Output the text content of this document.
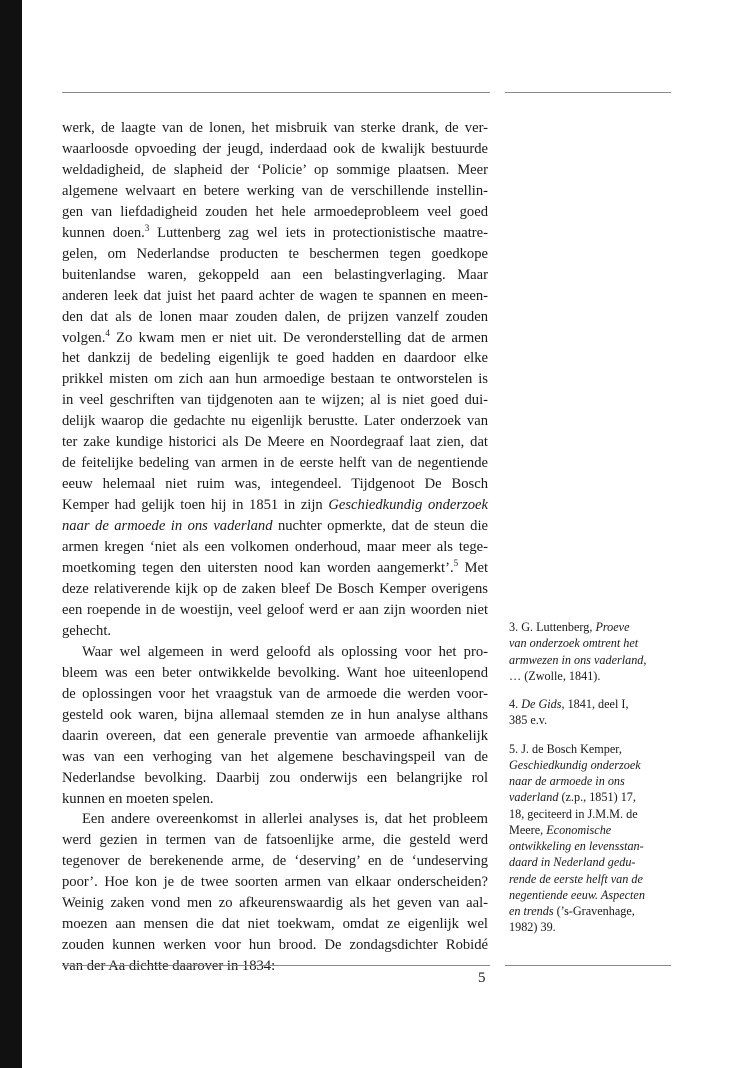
werk, de laagte van de lonen, het misbruik van sterke drank, de ver-
waarloosde opvoeding der jeugd, inderdaad ook de kwalijk bestuurde
weldadigheid, de slapheid der ‘Policie’ op sommige plaatsen. Meer
algemene welvaart en betere werking van de verschillende instellin-
gen van liefdadigheid zouden het hele armoedeprobleem veel goed
kunnen doen.$^3$ Luttenberg zag wel iets in protectionistische maatre-
gelen, om Nederlandse producten te beschermen tegen goedkope
buitenlandse waren, gekoppeld aan een belastingverlaging. Maar
anderen leek dat juist het paard achter de wagen te spannen en meen-
den dat als de lonen maar zouden dalen, de prijzen vanzelf zouden
volgen.$^4$ Zo kwam men er niet uit. De veronderstelling dat de armen
het dankzij de bedeling eigenlijk te goed hadden en daardoor elke
prikkel misten om zich aan hun armoedige bestaan te ontworstelen is
in veel geschriften van tijdgenoten aan te wijzen; al is niet goed dui-
delijk waarop die gedachte nu eigenlijk berustte. Later onderzoek van
ter zake kundige historici als De Meere en Noordegraaf laat zien, dat
de feitelijke bedeling van armen in de eerste helft van de negentiende
eeuw helemaal niet ruim was, integendeel. Tijdgenoot De Bosch
Kemper had gelijk toen hij in 1851 in zijn Geschiedkundig onderzoek
naar de armoede in ons vaderland nuchter opmerkte, dat de steun die
armen kregen ‘niet als een volkomen onderhoud, maar meer als tege-
moetkoming tegen den uitersten nood kan worden aangemerkt’.$^5$ Met
deze relativerende kijk op de zaken bleef De Bosch Kemper overigens
een roepende in de woestijn, veel geloof werd er aan zijn woorden niet
gehecht.
Waar wel algemeen in werd geloofd als oplossing voor het pro-
bleem was een beter ontwikkelde bevolking. Want hoe uiteenlopend
de oplossingen voor het vraagstuk van de armoede die werden voor-
gesteld ook waren, bijna allemaal stemden ze in hun analyse althans
daarin overeen, dat een generale preventie van armoede afhankelijk
was van een verhoging van het algemene beschavingspeil van de
Nederlandse bevolking. Daarbij zou onderwijs een belangrijke rol
kunnen en moeten spelen.
Een andere overeenkomst in allerlei analyses is, dat het probleem
werd gezien in termen van de fatsoenlijke arme, die gesteld werd
tegenover de berekenende arme, de ‘deserving’ en de ‘undeserving
poor’. Hoe kon je de twee soorten armen van elkaar onderscheiden?
Weinig zaken vond men zo afkeurenswaardig als het geven van aal-
moezen aan mensen die dat niet toekwam, omdat ze eigenlijk wel
zouden kunnen werken voor hun brood. De zondagsdichter Robidé
van der Aa dichtte daarover in 1834:
3. G. Luttenberg, Proeve
van onderzoek omtrent het
armwezen in ons vaderland,
… (Zwolle, 1841).
4. De Gids, 1841, deel I,
385 e.v.
5. J. de Bosch Kemper,
Geschiedkundig onderzoek
naar de armoede in ons
vaderland (z.p., 1851) 17,
18, geciteerd in J.M.M. de
Meere, Economische
ontwikkeling en levensstan-
daard in Nederland gedu-
rende de eerste helft van de
negentiende eeuw. Aspecten
en trends (’s-Gravenhage,
1982) 39.
5
